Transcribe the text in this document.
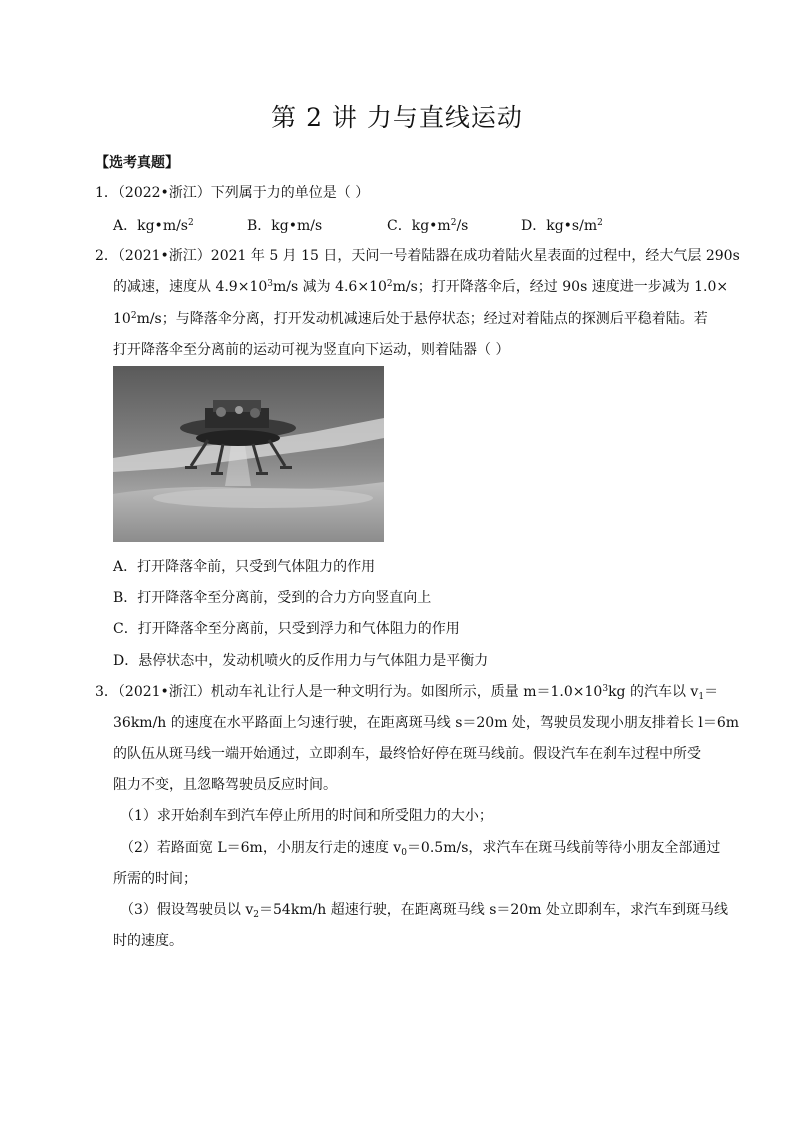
第 2 讲 力与直线运动
【选考真题】
1．（2022•浙江）下列属于力的单位是（ ）
A．$kg•m/s^2$	B．kg•m/s	C．$kg•m^2/s$	D．$kg•s/m^2$
2．（2021•浙江）2021 年 5 月 15 日，天问一号着陆器在成功着陆火星表面的过程中，经大气层 290s
的减速，速度从 $4.9\times 10^3m/s$ 减为 $4.6\times 10^2m/s$；打开降落伞后，经过 90s 速度进一步减为 1.0×
$10^2m/s$；与降落伞分离，打开发动机减速后处于悬停状态；经过对着陆点的探测后平稳着陆。若
打开降落伞至分离前的运动可视为竖直向下运动，则着陆器（ ）
A．打开降落伞前，只受到气体阻力的作用
B．打开降落伞至分离前，受到的合力方向竖直向上
C．打开降落伞至分离前，只受到浮力和气体阻力的作用
D．悬停状态中，发动机喷火的反作用力与气体阻力是平衡力
3．（2021•浙江）机动车礼让行人是一种文明行为。如图所示，质量 $m=1.0\times 10^3kg$ 的汽车以 $v_1=$
36km/h 的速度在水平路面上匀速行驶，在距离斑马线 s＝20m 处，驾驶员发现小朋友排着长 l＝6m
的队伍从斑马线一端开始通过，立即刹车，最终恰好停在斑马线前。假设汽车在刹车过程中所受
阻力不变，且忽略驾驶员反应时间。
（1）求开始刹车到汽车停止所用的时间和所受阻力的大小；
（2）若路面宽 L＝6m，小朋友行走的速度 $v_0=0.5m/s$，求汽车在斑马线前等待小朋友全部通过
所需的时间；
（3）假设驾驶员以 $v_2=54km/h$ 超速行驶，在距离斑马线 s＝20m 处立即刹车，求汽车到斑马线
时的速度。
